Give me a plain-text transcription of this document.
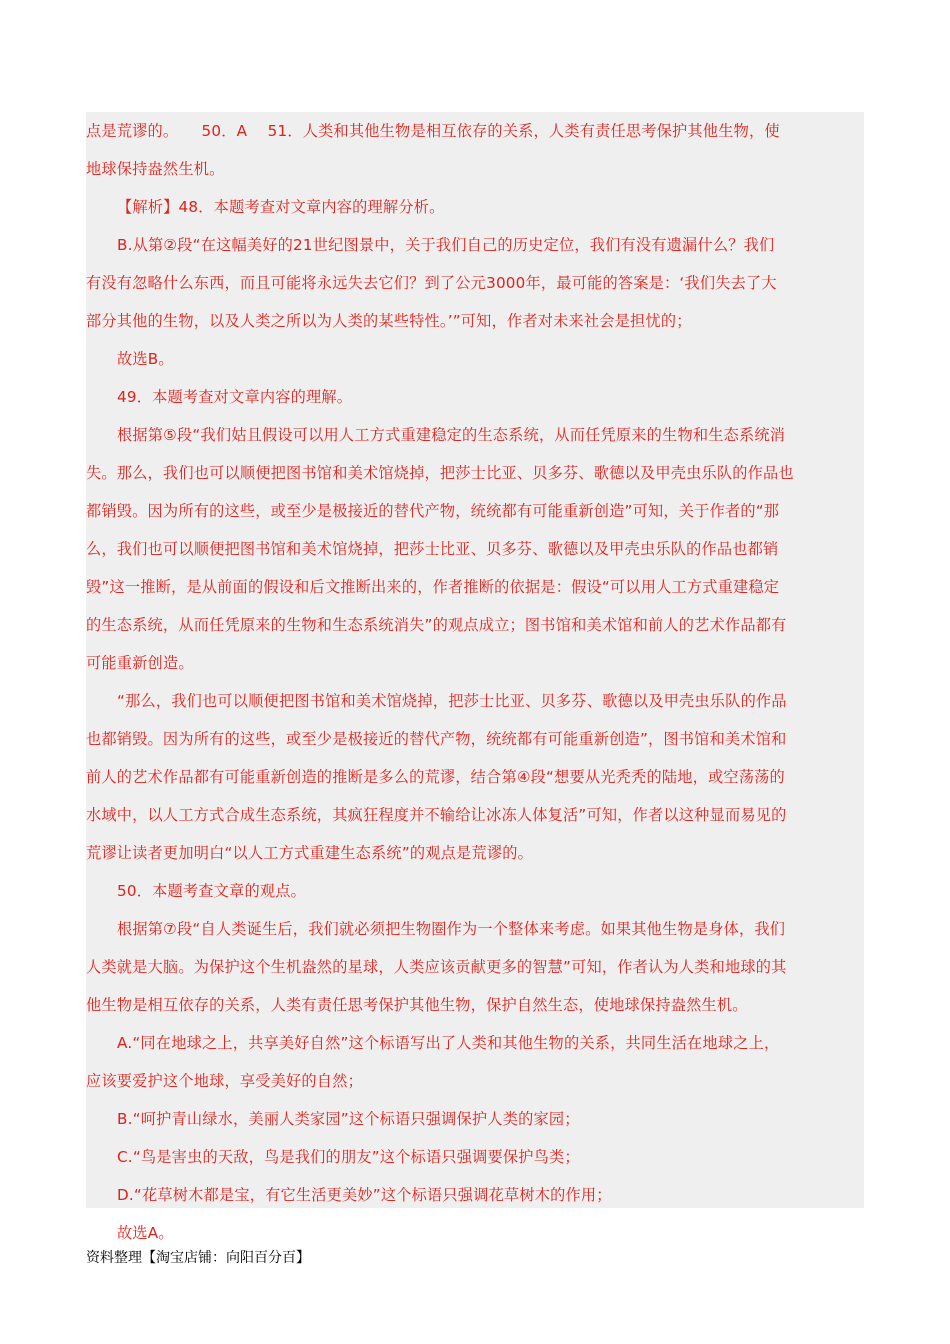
点是荒谬的。　　50．A　 51．人类和其他生物是相互依存的关系，人类有责任思考保护其他生物，使

地球保持盎然生机。

【解析】48．本题考查对文章内容的理解分析。

B.从第②段“在这幅美好的21世纪图景中，关于我们自己的历史定位，我们有没有遗漏什么？我们

有没有忽略什么东西，而且可能将永远失去它们？到了公元3000年，最可能的答案是：‘我们失去了大

部分其他的生物，以及人类之所以为人类的某些特性。’”可知，作者对未来社会是担忧的；

故选B。

49．本题考查对文章内容的理解。

根据第⑤段“我们姑且假设可以用人工方式重建稳定的生态系统，从而任凭原来的生物和生态系统消

失。那么，我们也可以顺便把图书馆和美术馆烧掉，把莎士比亚、贝多芬、歌德以及甲壳虫乐队的作品也

都销毁。因为所有的这些，或至少是极接近的替代产物，统统都有可能重新创造”可知，关于作者的“那

么，我们也可以顺便把图书馆和美术馆烧掉，把莎士比亚、贝多芬、歌德以及甲壳虫乐队的作品也都销

毁”这一推断，是从前面的假设和后文推断出来的，作者推断的依据是：假设“可以用人工方式重建稳定

的生态系统，从而任凭原来的生物和生态系统消失”的观点成立；图书馆和美术馆和前人的艺术作品都有

可能重新创造。

“那么，我们也可以顺便把图书馆和美术馆烧掉，把莎士比亚、贝多芬、歌德以及甲壳虫乐队的作品

也都销毁。因为所有的这些，或至少是极接近的替代产物，统统都有可能重新创造”，图书馆和美术馆和

前人的艺术作品都有可能重新创造的推断是多么的荒谬，结合第④段“想要从光秃秃的陆地，或空荡荡的

水域中，以人工方式合成生态系统，其疯狂程度并不输给让冰冻人体复活”可知，作者以这种显而易见的

荒谬让读者更加明白“以人工方式重建生态系统”的观点是荒谬的。

50．本题考查文章的观点。

根据第⑦段“自人类诞生后，我们就必须把生物圈作为一个整体来考虑。如果其他生物是身体，我们

人类就是大脑。为保护这个生机盎然的星球，人类应该贡献更多的智慧”可知，作者认为人类和地球的其

他生物是相互依存的关系，人类有责任思考保护其他生物，保护自然生态，使地球保持盎然生机。

A.“同在地球之上，共享美好自然”这个标语写出了人类和其他生物的关系，共同生活在地球之上，

应该要爱护这个地球，享受美好的自然；

B.“呵护青山绿水，美丽人类家园”这个标语只强调保护人类的家园；

C.“鸟是害虫的天敌，鸟是我们的朋友”这个标语只强调要保护鸟类；

D.“花草树木都是宝，有它生活更美妙”这个标语只强调花草树木的作用；

故选A。

资料整理【淘宝店铺：向阳百分百】
